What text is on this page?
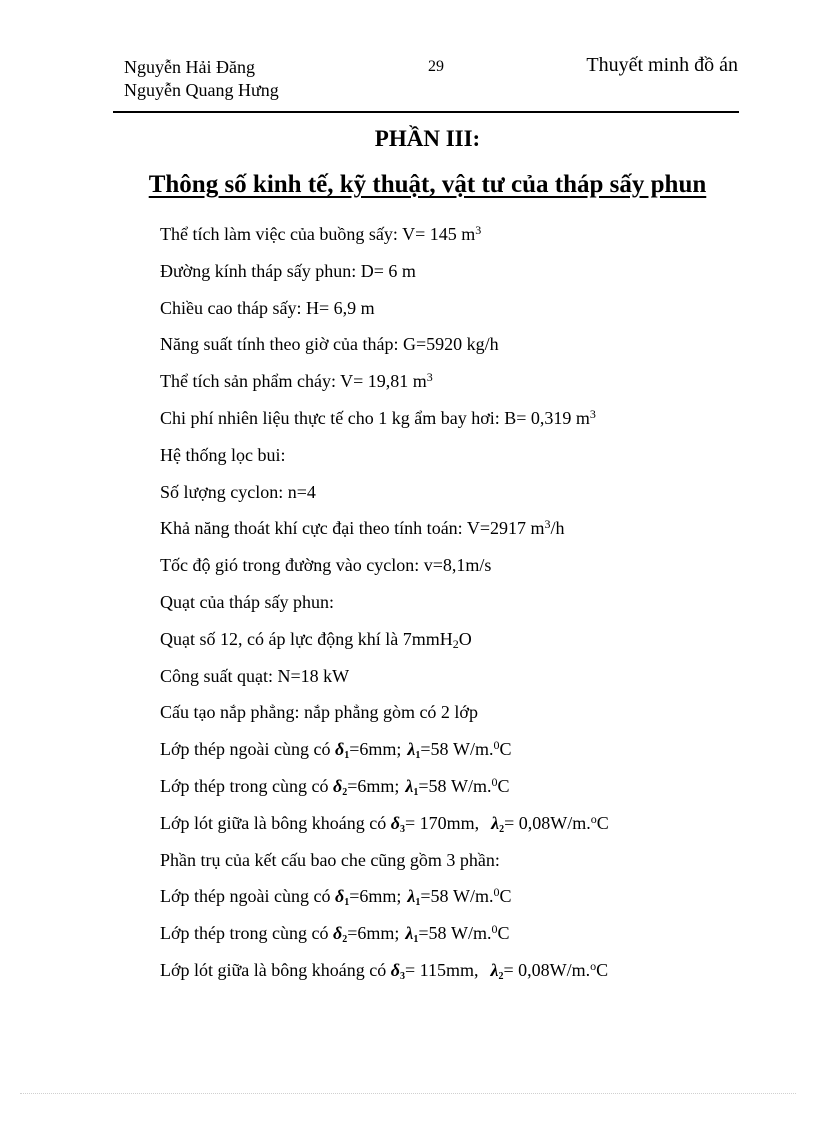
Nguyễn Hải Đăng
Nguyễn Quang Hưng
29	Thuyết minh đồ án
PHẦN III:
Thông số kinh tế, kỹ thuật, vật tư của tháp sấy phun
Thể tích làm việc của buồng sấy: V= 145 $m^3$
Đường kính tháp sấy phun: D= 6 m
Chiều cao tháp sấy: H= 6,9 m
Năng suất tính theo giờ của tháp: G=5920 kg/h
Thể tích sản phẩm cháy: V= 19,81 $m^3$
Chi phí nhiên liệu thực tế cho 1 kg ẩm bay hơi: B= 0,319 $m^3$
Hệ thống lọc bui:
Số lượng cyclon: n=4
Khả năng thoát khí cực đại theo tính toán: V=2917 $m^3/h$
Tốc độ gió trong đường vào cyclon: v=8,1m/s
Quạt của tháp sấy phun:
Quạt số 12, có áp lực động khí là 7mmH$_2$O
Công suất quạt: N=18 kW
Cấu tạo nắp phẳng: nắp phẳng gòm có 2 lớp
Lớp thép ngoài cùng có δ1=6mm; λ1=58 W/m.$^0$C
Lớp thép trong cùng có δ2=6mm; λ1=58 W/m.$^0$C
Lớp lót giữa là bông khoáng có δ3= 170mm, λ2= 0,08W/m.$^o$C
Phần trụ của kết cấu bao che cũng gồm 3 phần:
Lớp thép ngoài cùng có δ1=6mm; λ1=58 W/m.$^0$C
Lớp thép trong cùng có δ2=6mm; λ1=58 W/m.$^0$C
Lớp lót giữa là bông khoáng có δ3= 115mm, λ2= 0,08W/m.$^o$C
